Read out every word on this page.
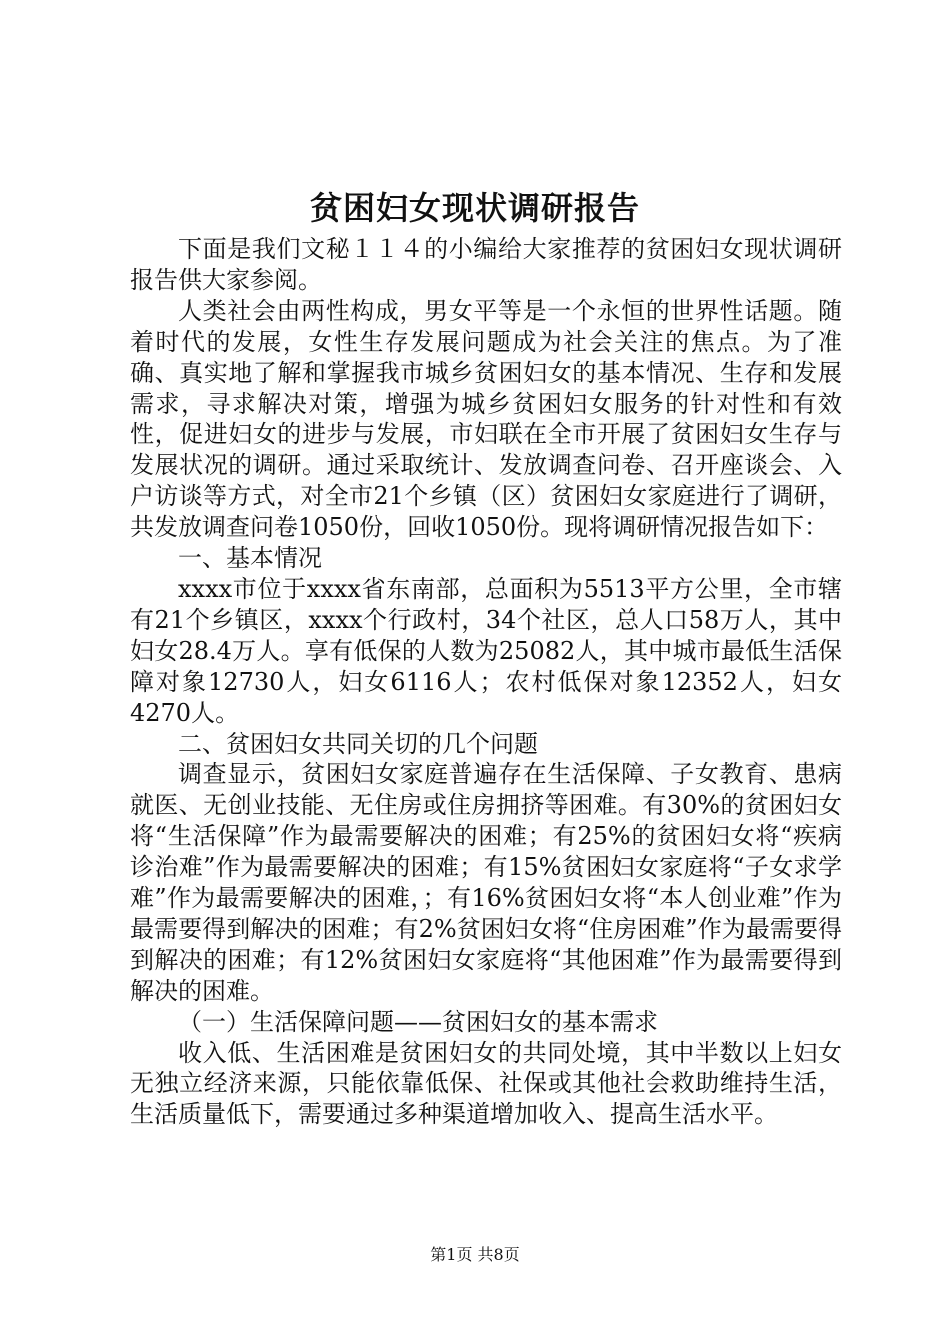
贫困妇女现状调研报告

下面是我们文秘１１４的小编给大家推荐的贫困妇女现状调研报告供大家参阅。

人类社会由两性构成，男女平等是一个永恒的世界性话题。随着时代的发展，女性生存发展问题成为社会关注的焦点。为了准确、真实地了解和掌握我市城乡贫困妇女的基本情况、生存和发展需求，寻求解决对策，增强为城乡贫困妇女服务的针对性和有效性，促进妇女的进步与发展，市妇联在全市开展了贫困妇女生存与发展状况的调研。通过采取统计、发放调查问卷、召开座谈会、入户访谈等方式，对全市21个乡镇（区）贫困妇女家庭进行了调研，共发放调查问卷1050份，回收1050份。现将调研情况报告如下：

一、基本情况

xxxx市位于xxxx省东南部，总面积为5513平方公里，全市辖有21个乡镇区，xxxx个行政村，34个社区，总人口58万人，其中妇女28.4万人。享有低保的人数为25082人，其中城市最低生活保障对象12730人，妇女6116人；农村低保对象12352人，妇女4270人。

二、贫困妇女共同关切的几个问题

调查显示，贫困妇女家庭普遍存在生活保障、子女教育、患病就医、无创业技能、无住房或住房拥挤等困难。有30%的贫困妇女将“生活保障”作为最需要解决的困难；有25%的贫困妇女将“疾病诊治难”作为最需要解决的困难；有15%贫困妇女家庭将“子女求学难”作为最需要解决的困难，；有16%贫困妇女将“本人创业难”作为最需要得到解决的困难；有2%贫困妇女将“住房困难”作为最需要得到解决的困难；有12%贫困妇女家庭将“其他困难”作为最需要得到解决的困难。

（一）生活保障问题——贫困妇女的基本需求

收入低、生活困难是贫困妇女的共同处境，其中半数以上妇女无独立经济来源，只能依靠低保、社保或其他社会救助维持生活，生活质量低下，需要通过多种渠道增加收入、提高生活水平。

第1页 共8页
